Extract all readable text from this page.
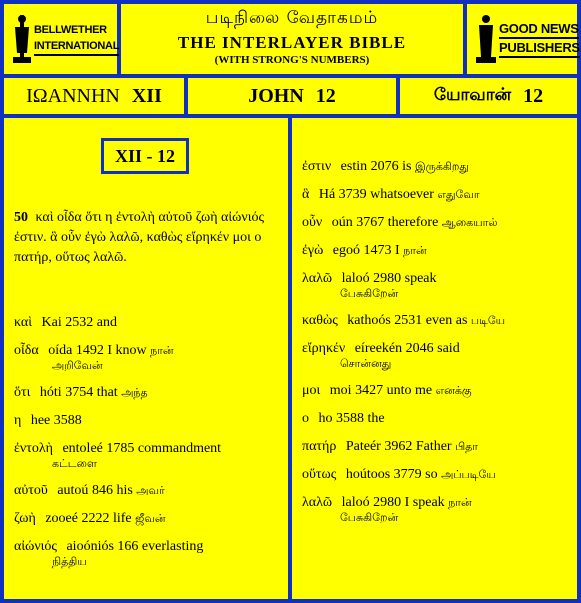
BELLWETHER
INTERNATIONAL
படிநிலை வேதாகமம்
THE INTERLAYER BIBLE
(WITH STRONG'S NUMBERS)
GOOD NEWS PUBLISHERS
ΙΩΑΝΝΗΝ XII	JOHN 12	யோவான் 12
XII - 12
50 καὶ οἶδα ὅτι η ἐντολὴ αὐτοῦ ζωὴ αἰώνιός ἐστιν. ἃ οὖν ἐγὼ λαλῶ, καθὼς εἴρηκέν μοι ο πατήρ, οὕτως λαλῶ.
καὶ Kai 2532 and
οἶδα oída 1492 I know நான்
அறிவேன்
ὅτι hóti 3754 that அந்த
η hee 3588
ἐντολὴ entoleé 1785 commandment
கட்டளை
αὐτοῦ autoú 846 his அவர்
ζωὴ zooeé 2222 life ஜீவன்
αἰώνιός aioóniós 166 everlasting
நித்திய
ἐστιν estin 2076 is இருக்கிறது
ἃ Há 3739 whatsoever எதுவோ
οὖν oún 3767 therefore ஆகையால்
ἐγὼ egoó 1473 I நான்
λαλῶ laloó 2980 speak
பேசுகிறேன்
καθὼς kathoós 2531 even as படியே
εἴρηκέν eíreekén 2046 said
சொன்னது
μοι moi 3427 unto me எனக்கு
ο ho 3588 the
πατήρ Pateér 3962 Father பிதா
οὕτως hoútoos 3779 so அப்படியே
λαλῶ laloó 2980 I speak நான்
பேசுகிறேன்
